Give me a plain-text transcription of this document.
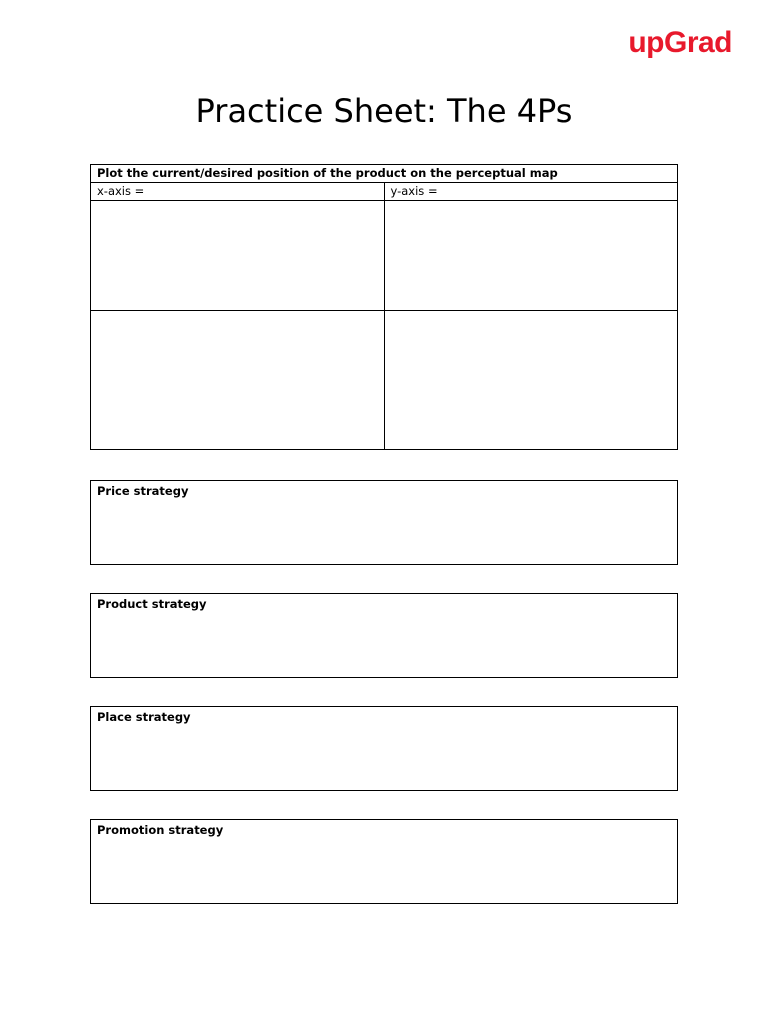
upGrad
Practice Sheet: The 4Ps
Plot the current/desired position of the product on the perceptual map	
x-axis =	y-axis =

Price strategy
Product strategy
Place strategy
Promotion strategy
